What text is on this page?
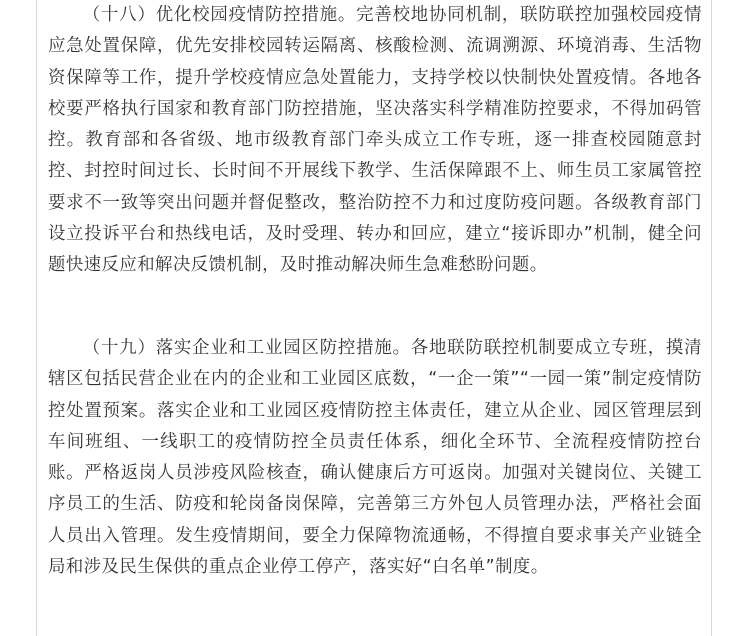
（十八）优化校园疫情防控措施。完善校地协同机制，联防联控加强校园疫情应急处置保障，优先安排校园转运隔离、核酸检测、流调溯源、环境消毒、生活物资保障等工作，提升学校疫情应急处置能力，支持学校以快制快处置疫情。各地各校要严格执行国家和教育部门防控措施，坚决落实科学精准防控要求，不得加码管控。教育部和各省级、地市级教育部门牵头成立工作专班，逐一排查校园随意封控、封控时间过长、长时间不开展线下教学、生活保障跟不上、师生员工家属管控要求不一致等突出问题并督促整改，整治防控不力和过度防疫问题。各级教育部门设立投诉平台和热线电话，及时受理、转办和回应，建立“接诉即办”机制，健全问题快速反应和解决反馈机制，及时推动解决师生急难愁盼问题。

（十九）落实企业和工业园区防控措施。各地联防联控机制要成立专班，摸清辖区包括民营企业在内的企业和工业园区底数，“一企一策”“一园一策”制定疫情防控处置预案。落实企业和工业园区疫情防控主体责任，建立从企业、园区管理层到车间班组、一线职工的疫情防控全员责任体系，细化全环节、全流程疫情防控台账。严格返岗人员涉疫风险核查，确认健康后方可返岗。加强对关键岗位、关键工序员工的生活、防疫和轮岗备岗保障，完善第三方外包人员管理办法，严格社会面人员出入管理。发生疫情期间，要全力保障物流通畅，不得擅自要求事关产业链全局和涉及民生保供的重点企业停工停产，落实好“白名单”制度。
